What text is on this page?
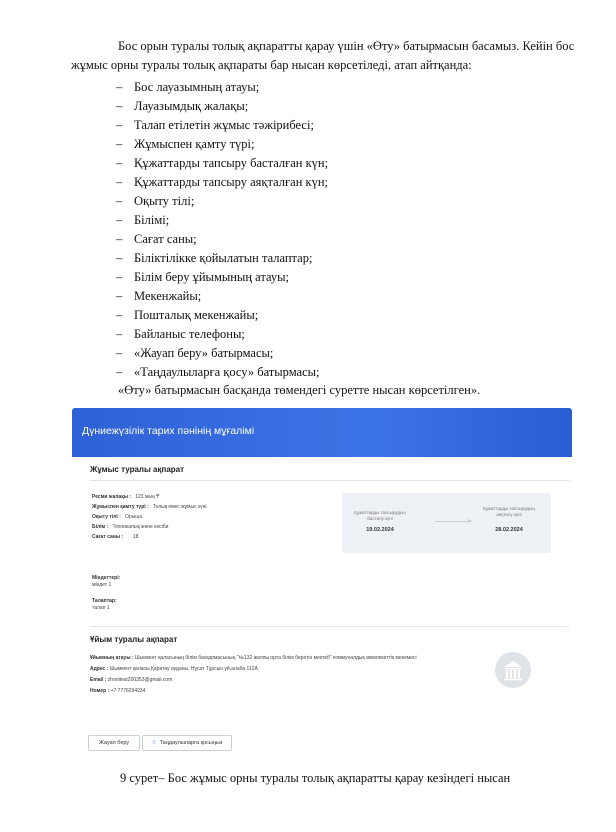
Бос орын туралы толық ақпаратты қарау үшін «Өту» батырмасын басамыз. Кейін бос
жұмыс орны туралы толық ақпараты бар нысан көрсетіледі, атап айтқанда:
– Бос лауазымның атауы;
– Лауазымдық жалақы;
– Талап етілетін жұмыс тәжірибесі;
– Жұмыспен қамту түрі;
– Құжаттарды тапсыру басталған күн;
– Құжаттарды тапсыру аяқталған күн;
– Оқыту тілі;
– Білімі;
– Сағат саны;
– Біліктілікке қойылатын талаптар;
– Білім беру ұйымының атауы;
– Мекенжайы;
– Пошталық мекенжайы;
– Байланыс телефоны;
– «Жауап беру» батырмасы;
– «Таңдаулыларға қосу» батырмасы;
«Өту» батырмасын басқанда төмендегі суретте нысан көрсетілген».
Дүниежүзілік тарих пәнінің мұғалімі
Жұмыс туралы ақпарат
Ресми жалақы : 123 мың ₸
Жұмыспен қамту түрі : Толық емес жұмыс күні
Оқыту тілі : Орыша
Білім : Техникалық және кәсіби
Сағат саны : 18
Құжаттарды тапсырудың басталу күні
19.02.2024
Құжаттарды тапсырудың аяқталу күні
28.02.2024
Міндеттері:
міндет 1
Талаптар:
талап 1
Ұйым туралы ақпарат
Ұйымның атауы : Шымкент қаласының білім басқармасының "№132 жалпы орта білім беретін мектеб" коммуналдық мемлекеттік мекемесі
Адрес : Шымкент қаласы,Қаратау ауданы, Нұсат Тұрсын уй,алаба 112А
Email : zhonitest200353@gmail.com
Номер : +7 7776294234
Жауап беру	☆ Таңдаулыларға қосыңыз
9 сурет– Бос жұмыс орны туралы толық ақпаратты қарау кезіндегі нысан
